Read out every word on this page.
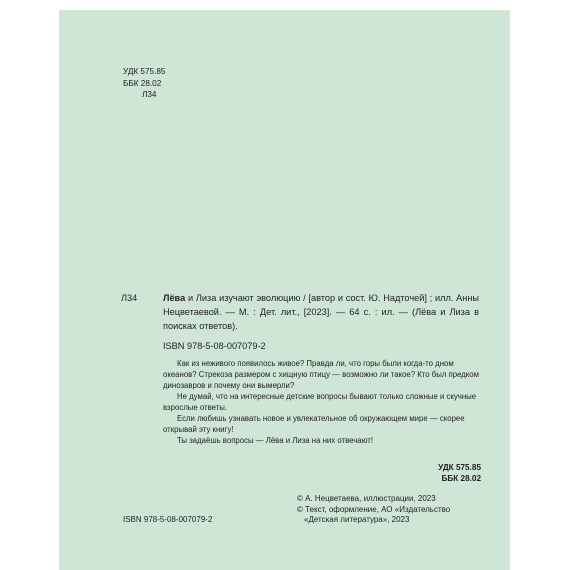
УДК 575.85
ББК 28.02
Л34
Л34	Лёва и Лиза изучают эволюцию / [автор и сост. Ю. Надточей] ; илл. Анны Нецветаевой. — М. : Дет. лит., [2023]. — 64 с. : ил. — (Лёва и Лиза в поисках ответов).
ISBN 978-5-08-007079-2

Как из неживого появилось живое? Правда ли, что горы были когда-то дном океанов? Стрекоза размером с хищную птицу — возможно ли такое? Кто был предком динозавров и почему они вымерли?

Не думай, что на интересные детские вопросы бывают только сложные и скучные взрослые ответы.

Если любишь узнавать новое и увлекательное об окружающем мире — скорее открывай эту книгу!

Ты задаёшь вопросы — Лёва и Лиза на них отвечают!

УДК 575.85
ББК 28.02
© А. Нецветаева, иллюстрации, 2023
© Текст, оформление, АО «Издательство
«Детская литература», 2023
ISBN 978-5-08-007079-2
